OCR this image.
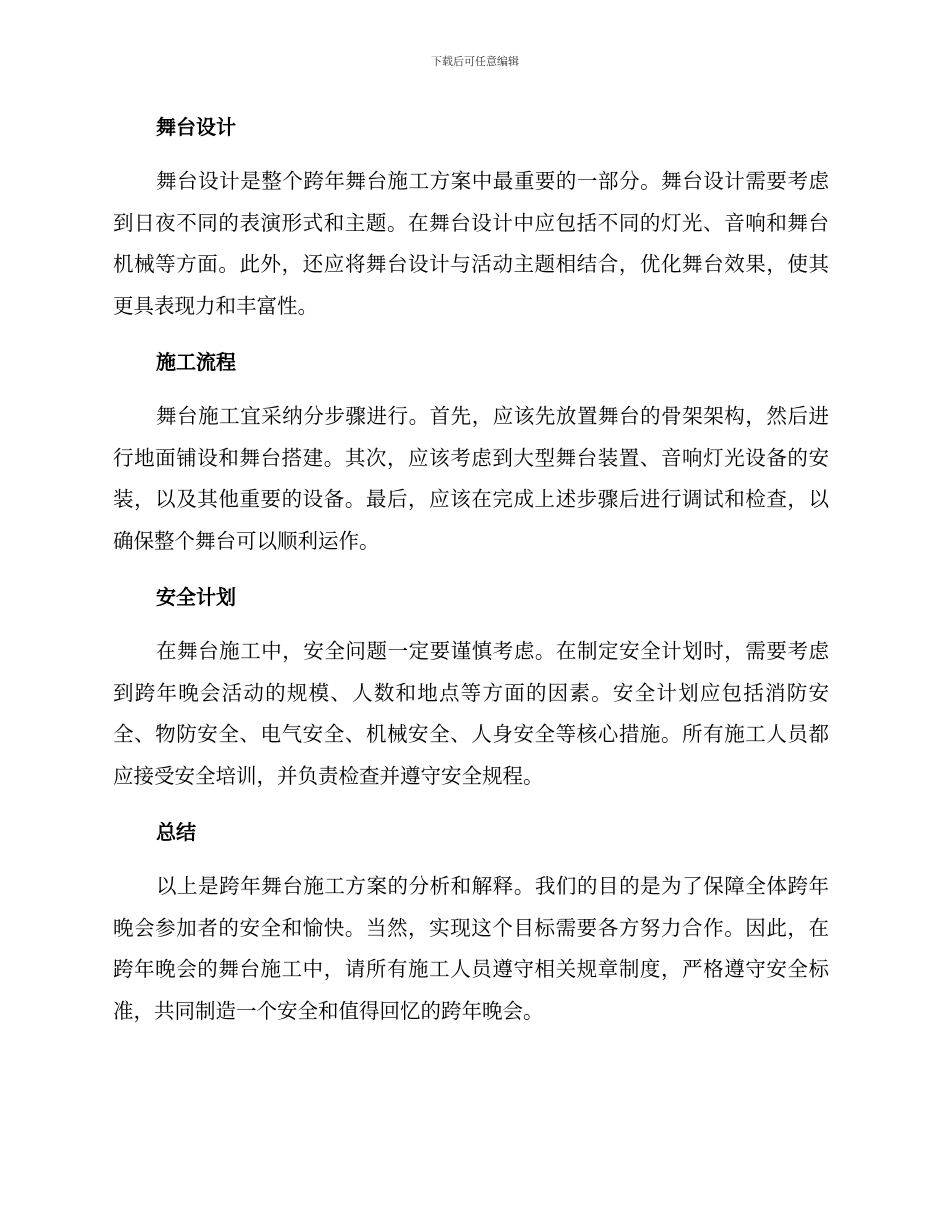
下载后可任意编辑
舞台设计

舞台设计是整个跨年舞台施工方案中最重要的一部分。舞台设计需要考虑到日夜不同的表演形式和主题。在舞台设计中应包括不同的灯光、音响和舞台机械等方面。此外，还应将舞台设计与活动主题相结合，优化舞台效果，使其更具表现力和丰富性。

施工流程

舞台施工宜采纳分步骤进行。首先，应该先放置舞台的骨架架构，然后进行地面铺设和舞台搭建。其次，应该考虑到大型舞台装置、音响灯光设备的安装，以及其他重要的设备。最后，应该在完成上述步骤后进行调试和检查，以确保整个舞台可以顺利运作。

安全计划

在舞台施工中，安全问题一定要谨慎考虑。在制定安全计划时，需要考虑到跨年晚会活动的规模、人数和地点等方面的因素。安全计划应包括消防安全、物防安全、电气安全、机械安全、人身安全等核心措施。所有施工人员都应接受安全培训，并负责检查并遵守安全规程。

总结

以上是跨年舞台施工方案的分析和解释。我们的目的是为了保障全体跨年晚会参加者的安全和愉快。当然，实现这个目标需要各方努力合作。因此，在跨年晚会的舞台施工中，请所有施工人员遵守相关规章制度，严格遵守安全标准，共同制造一个安全和值得回忆的跨年晚会。
